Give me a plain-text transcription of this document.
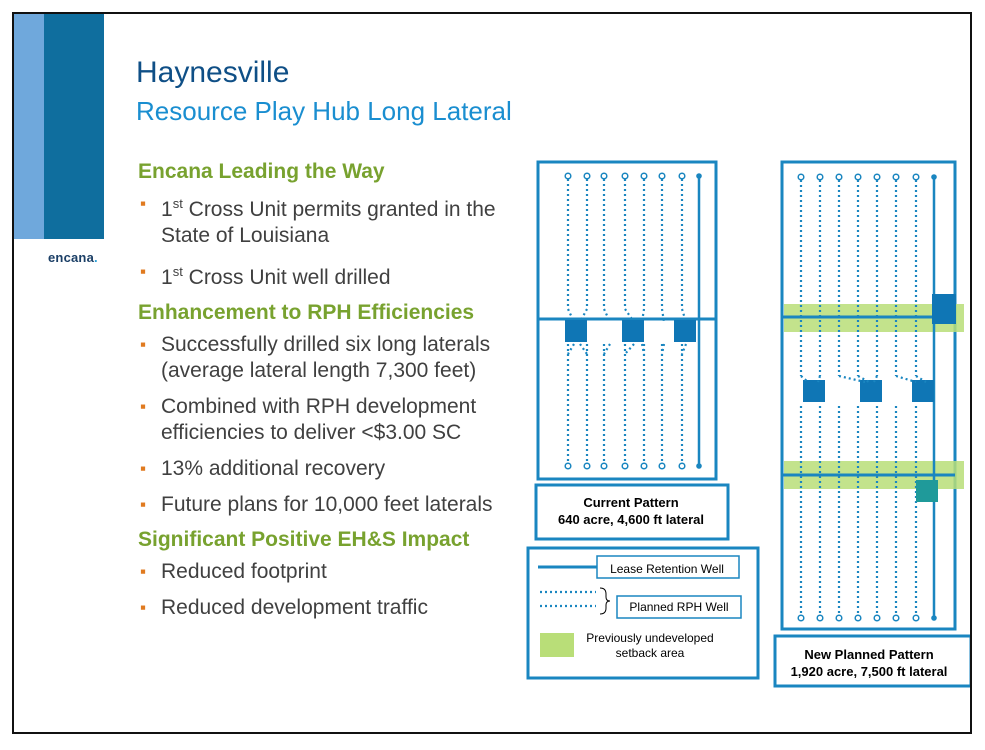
encana.
Haynesville
Resource Play Hub Long Lateral
Encana Leading the Way
▪ 1st Cross Unit permits granted in the State of Louisiana
▪ 1st Cross Unit well drilled
Enhancement to RPH Efficiencies
▪ Successfully drilled six long laterals (average lateral length 7,300 feet)
▪ Combined with RPH development efficiencies to deliver <$3.00 SC
▪ 13% additional recovery
▪ Future plans for 10,000 feet laterals
Significant Positive EH&S Impact
▪ Reduced footprint
▪ Reduced development traffic
Current Pattern
640 acre, 4,600 ft lateral
New Planned Pattern
1,920 acre, 7,500 ft lateral
Lease Retention Well
Planned RPH Well
Previously undeveloped setback area
